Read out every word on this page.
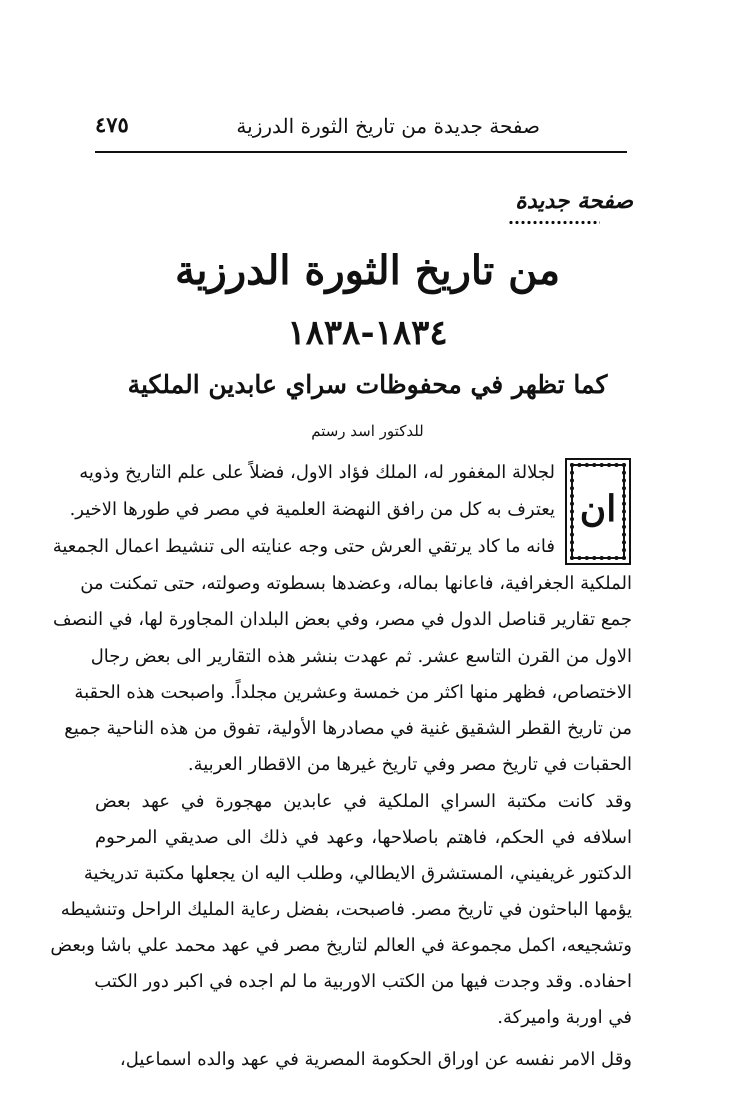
صفحة جديدة من تاريخ الثورة الدرزية
٤٧٥
صفحة جديدة
من تاريخ الثورة الدرزية
١٨٣٤-١٨٣٨
كما تظهر في محفوظات سراي عابدين الملكية
للدكتور اسد رستم
ان
لجلالة المغفور له، الملك فؤاد الاول، فضلاً على علم التاريخ وذويه
يعترف به كل من رافق النهضة العلمية في مصر في طورها الاخير.
فانه ما كاد يرتقي العرش حتى وجه عنايته الى تنشيط اعمال الجمعية
الملكية الجغرافية، فاعانها بماله، وعضدها بسطوته وصولته، حتى تمكنت من
جمع تقارير قناصل الدول في مصر، وفي بعض البلدان المجاورة لها، في النصف
الاول من القرن التاسع عشر. ثم عهدت بنشر هذه التقارير الى بعض رجال
الاختصاص، فظهر منها اكثر من خمسة وعشرين مجلداً. واصبحت هذه الحقبة
من تاريخ القطر الشقيق غنية في مصادرها الأولية، تفوق من هذه الناحية جميع
الحقبات في تاريخ مصر وفي تاريخ غيرها من الاقطار العربية.
وقد كانت مكتبة السراي الملكية في عابدين مهجورة في عهد بعض
اسلافه في الحكم، فاهتم باصلاحها، وعهد في ذلك الى صديقي المرحوم
الدكتور غريفيني، المستشرق الايطالي، وطلب اليه ان يجعلها مكتبة تدريخية
يؤمها الباحثون في تاريخ مصر. فاصبحت، بفضل رعاية المليك الراحل وتنشيطه
وتشجيعه، اكمل مجموعة في العالم لتاريخ مصر في عهد محمد علي باشا وبعض
احفاده. وقد وجدت فيها من الكتب الاوربية ما لم اجده في اكبر دور الكتب
في اوربة واميركة.
وقل الامر نفسه عن اوراق الحكومة المصرية في عهد والده اسماعيل،
